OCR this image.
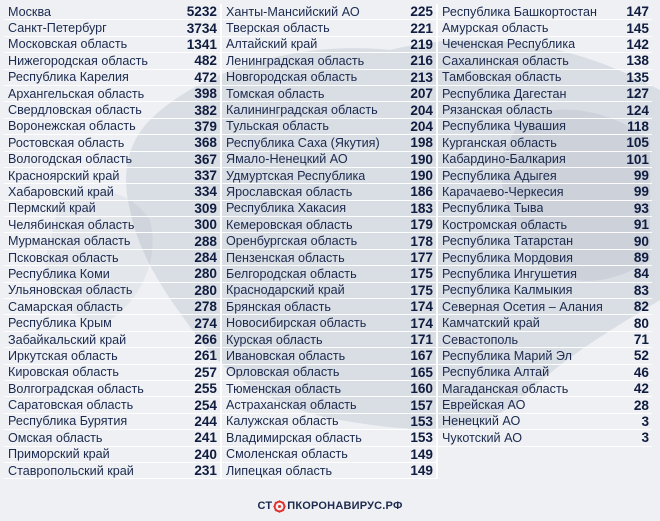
Москва	5232
Санкт-Петербург	3734
Московская область	1341
Нижегородская область	482
Республика Карелия	472
Архангельская область	398
Свердловская область	382
Воронежская область	379
Ростовская область	368
Вологодская область	367
Красноярский край	337
Хабаровский край	334
Пермский край	309
Челябинская область	300
Мурманская область	288
Псковская область	284
Республика Коми	280
Ульяновская область	280
Самарская область	278
Республика Крым	274
Забайкальский край	266
Иркутская область	261
Кировская область	257
Волгоградская область	255
Саратовская область	254
Республика Бурятия	244
Омская область	241
Приморский край	240
Ставропольский край	231
Ханты-Мансийский АО	225
Тверская область	221
Алтайский край	219
Ленинградская область	216
Новгородская область	213
Томская область	207
Калининградская область 204
Тульская область	204
Республика Саха (Якутия) 198
Ямало-Ненецкий АО	190
Удмуртская Республика	190
Ярославская область	186
Республика Хакасия	183
Кемеровская область	179
Оренбургская область	178
Пензенская область	177
Белгородская область	175
Краснодарский край	175
Брянская область	174
Новосибирская область	174
Курская область	171
Ивановская область	167
Орловская область	165
Тюменская область	160
Астраханская область	157
Калужская область	153
Владимирская область	153
Смоленская область	149
Липецкая область	149
Республика Башкортостан 147
Амурская область	145
Чеченская Республика	142
Сахалинская область	138
Тамбовская область	135
Республика Дагестан	127
Рязанская область	124
Республика Чувашия	118
Курганская область	105
Кабардино-Балкария	101
Республика Адыгея	99
Карачаево-Черкесия	99
Республика Тыва	93
Костромская область	91
Республика Татарстан	90
Республика Мордовия	89
Республика Ингушетия	84
Республика Калмыкия	83
Северная Осетия – Алания 82
Камчатский край	80
Севастополь	71
Республика Марий Эл	52
Республика Алтай	46
Магаданская область	42
Еврейская АО	28
Ненецкий АО	3
Чукотский АО	3
СТ ПКОРОНАВИРУС.РФ
